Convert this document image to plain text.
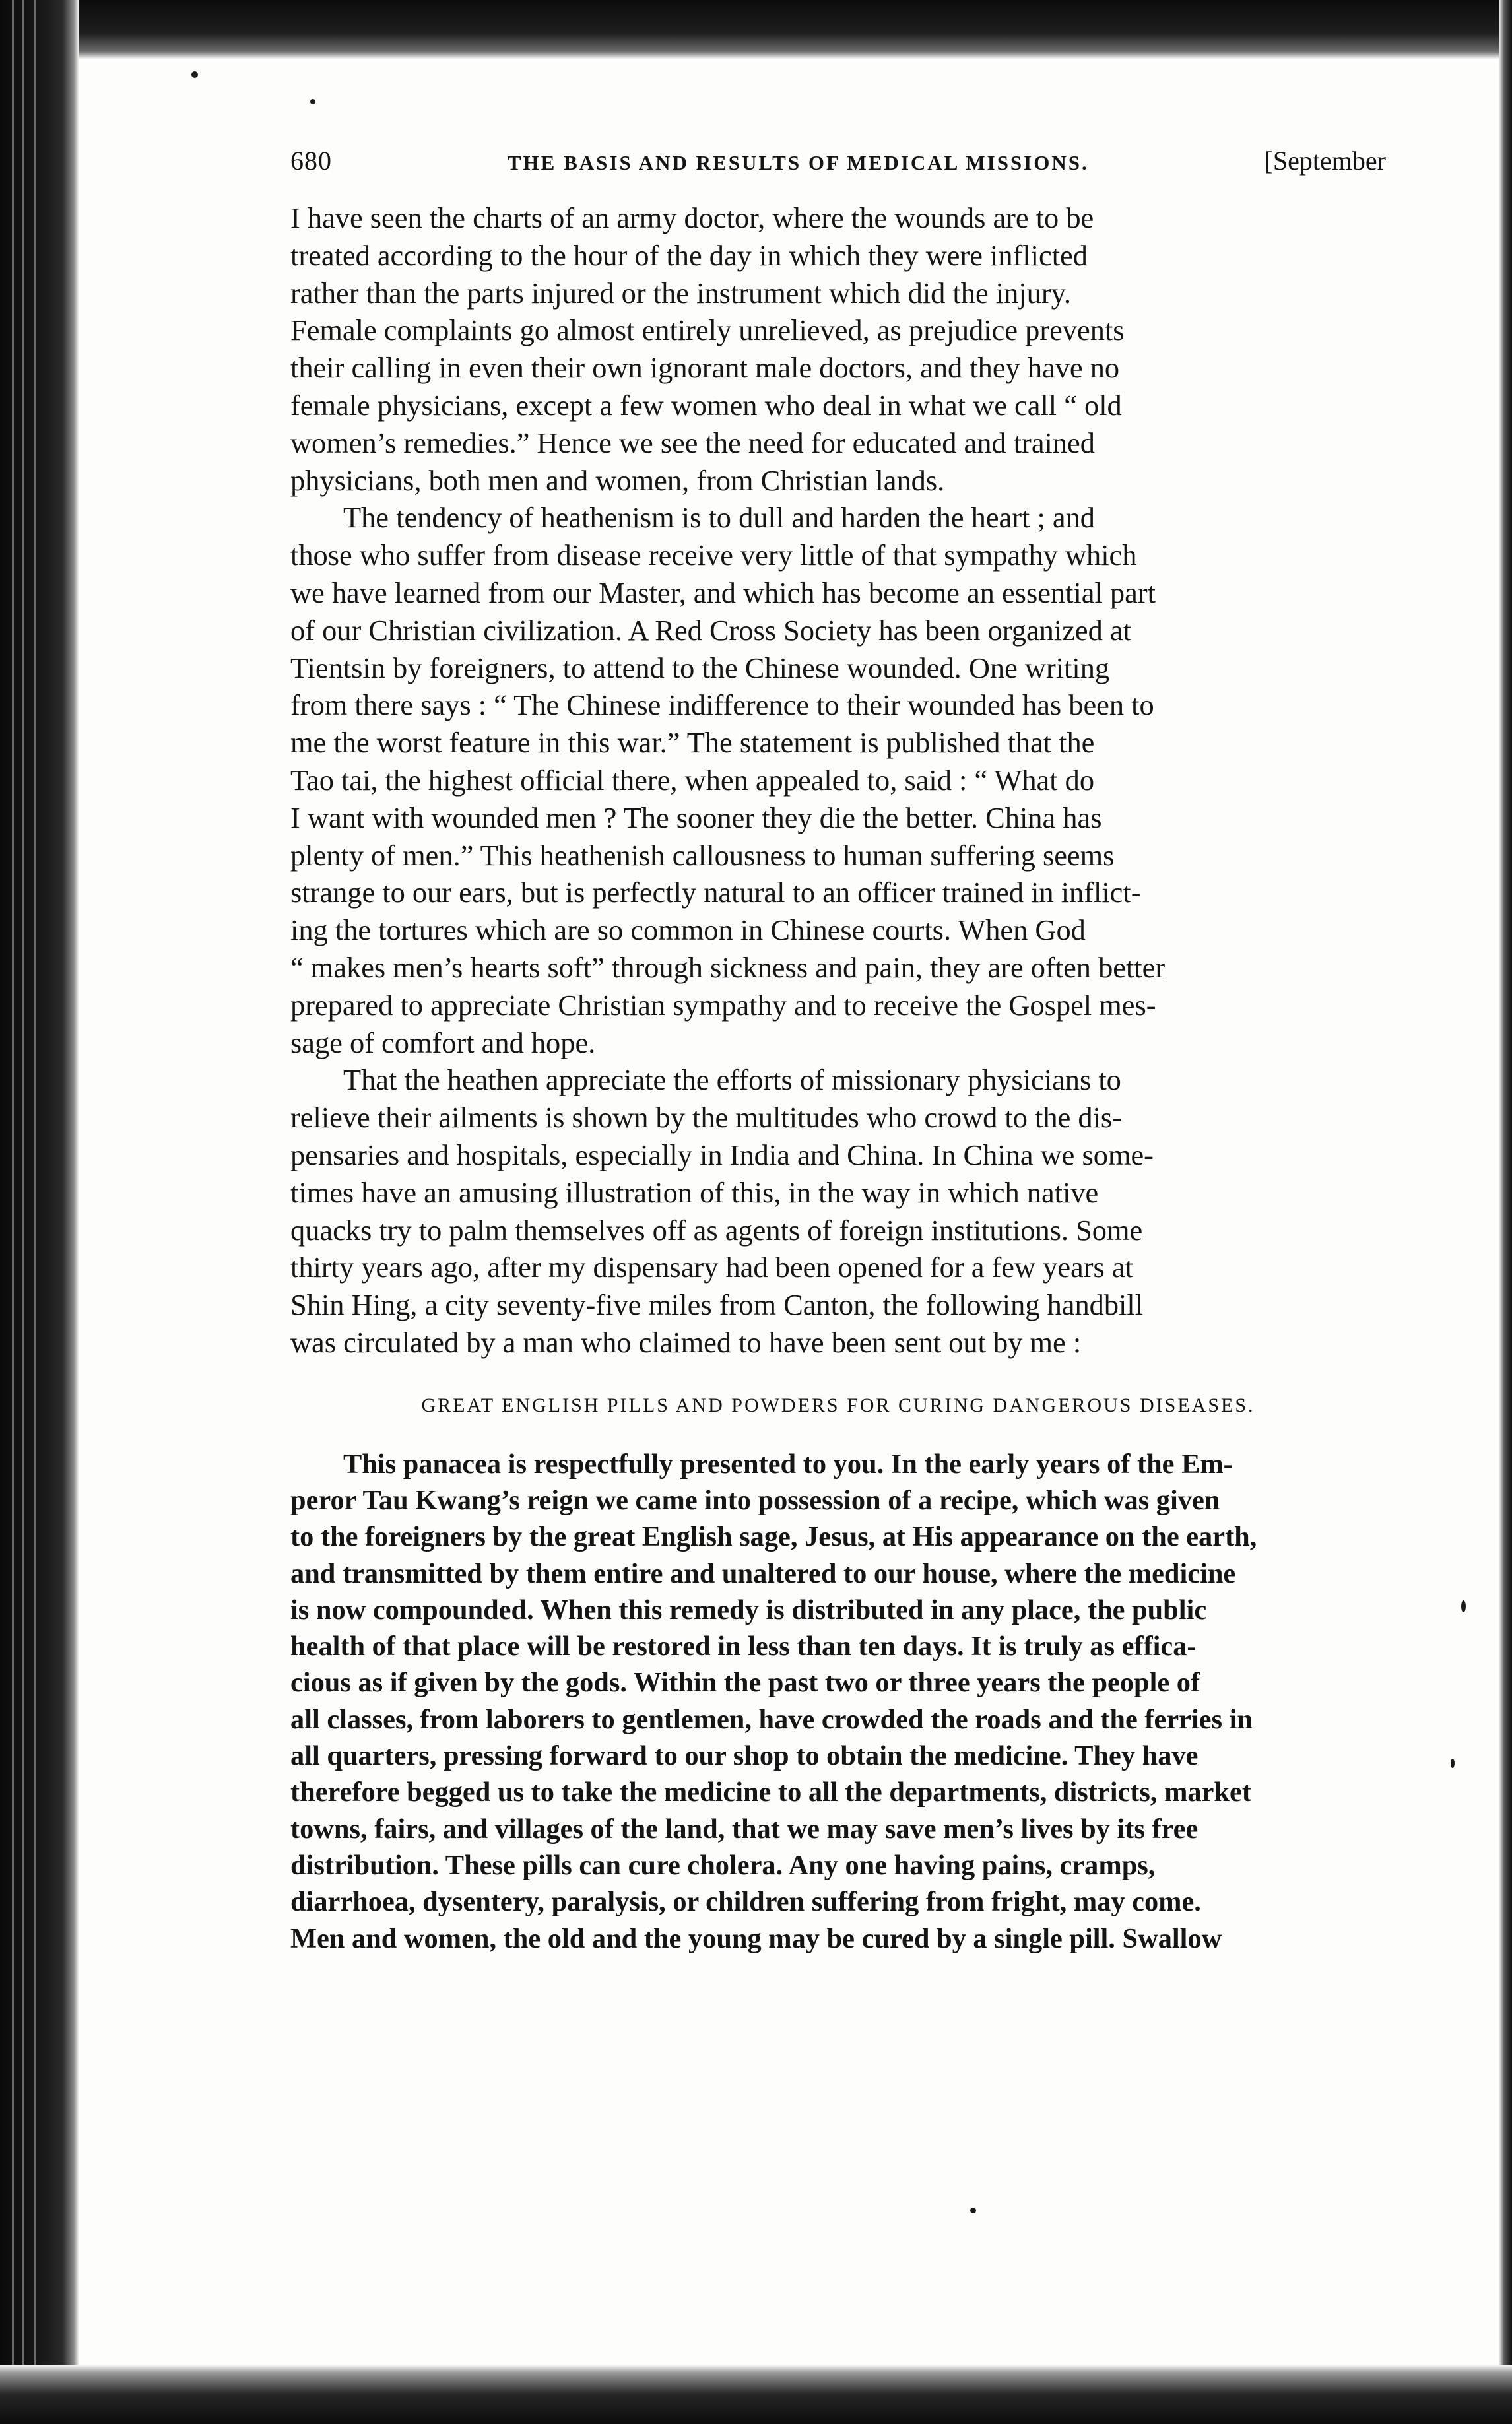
680	THE BASIS AND RESULTS OF MEDICAL MISSIONS.	[September

I have seen the charts of an army doctor, where the wounds are to be
treated according to the hour of the day in which they were inflicted
rather than the parts injured or the instrument which did the injury.
Female complaints go almost entirely unrelieved, as prejudice prevents
their calling in even their own ignorant male doctors, and they have no
female physicians, except a few women who deal in what we call “ old
women’s remedies.” Hence we see the need for educated and trained
physicians, both men and women, from Christian lands.

The tendency of heathenism is to dull and harden the heart ; and
those who suffer from disease receive very little of that sympathy which
we have learned from our Master, and which has become an essential part
of our Christian civilization. A Red Cross Society has been organized at
Tientsin by foreigners, to attend to the Chinese wounded. One writing
from there says : “ The Chinese indifference to their wounded has been to
me the worst feature in this war.” The statement is published that the
Tao tai, the highest official there, when appealed to, said : “ What do
I want with wounded men ? The sooner they die the better. China has
plenty of men.” This heathenish callousness to human suffering seems
strange to our ears, but is perfectly natural to an officer trained in inflict-
ing the tortures which are so common in Chinese courts. When God
“ makes men’s hearts soft” through sickness and pain, they are often better
prepared to appreciate Christian sympathy and to receive the Gospel mes-
sage of comfort and hope.

That the heathen appreciate the efforts of missionary physicians to
relieve their ailments is shown by the multitudes who crowd to the dis-
pensaries and hospitals, especially in India and China. In China we some-
times have an amusing illustration of this, in the way in which native
quacks try to palm themselves off as agents of foreign institutions. Some
thirty years ago, after my dispensary had been opened for a few years at
Shin Hing, a city seventy-five miles from Canton, the following handbill
was circulated by a man who claimed to have been sent out by me :

GREAT ENGLISH PILLS AND POWDERS FOR CURING DANGEROUS DISEASES.

This panacea is respectfully presented to you. In the early years of the Em-
peror Tau Kwang’s reign we came into possession of a recipe, which was given
to the foreigners by the great English sage, Jesus, at His appearance on the earth,
and transmitted by them entire and unaltered to our house, where the medicine
is now compounded. When this remedy is distributed in any place, the public
health of that place will be restored in less than ten days. It is truly as effica-
cious as if given by the gods. Within the past two or three years the people of
all classes, from laborers to gentlemen, have crowded the roads and the ferries in
all quarters, pressing forward to our shop to obtain the medicine. They have
therefore begged us to take the medicine to all the departments, districts, market
towns, fairs, and villages of the land, that we may save men’s lives by its free
distribution. These pills can cure cholera. Any one having pains, cramps,
diarrhoea, dysentery, paralysis, or children suffering from fright, may come.
Men and women, the old and the young may be cured by a single pill. Swallow
